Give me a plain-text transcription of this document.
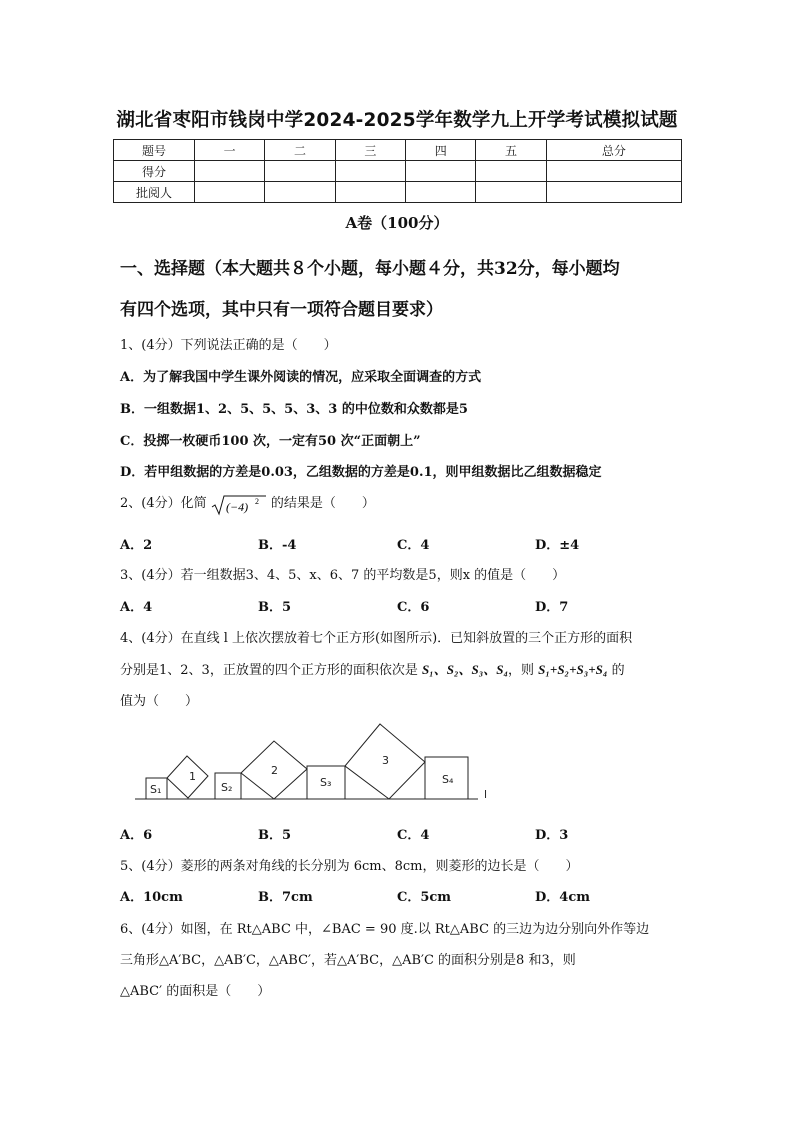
湖北省枣阳市钱岗中学2024-2025学年数学九上开学考试模拟试题
题号	一	二	三	四	五	总分
得分						
批阅人						
A卷（100分）
一、选择题（本大题共８个小题，每小题４分，共32分，每小题均
有四个选项，其中只有一项符合题目要求）
1、(4分）下列说法正确的是（　　）
A．为了解我国中学生课外阅读的情况，应采取全面调查的方式
B．一组数据1、2、5、5、5、3、3 的中位数和众数都是5
C．投掷一枚硬币100 次，一定有50 次“正面朝上”
D．若甲组数据的方差是0.03，乙组数据的方差是0.1，则甲组数据比乙组数据稳定
2、(4分）化简 (−4) 2 的结果是（　　）
A．2	B．-4	C．4	D．±4
3、(4分）若一组数据3、4、5、x、6、7 的平均数是5，则x 的值是（　　）
A．4	B．5	C．6	D．7
4、(4分）在直线 l 上依次摆放着七个正方形(如图所示)．已知斜放置的三个正方形的面积
分别是1、2、3，正放置的四个正方形的面积依次是 S₁、S₂、S₃、S₄，则 S₁+S₂+S₃+S₄ 的
值为（　　）
S₁
1
S₂
2
S₃
3
S₄
l
A．6	B．5	C．4	D．3
5、(4分）菱形的两条对角线的长分别为 6cm、8cm，则菱形的边长是（　　）
A．10cm	B．7cm	C．5cm	D．4cm
6、(4分）如图，在 Rt△ABC 中，∠BAC = 90 度.以 Rt△ABC 的三边为边分别向外作等边
三角形△A′BC，△AB′C，△ABC′，若△A′BC，△AB′C 的面积分别是8 和3，则
△ABC′ 的面积是（　　）
